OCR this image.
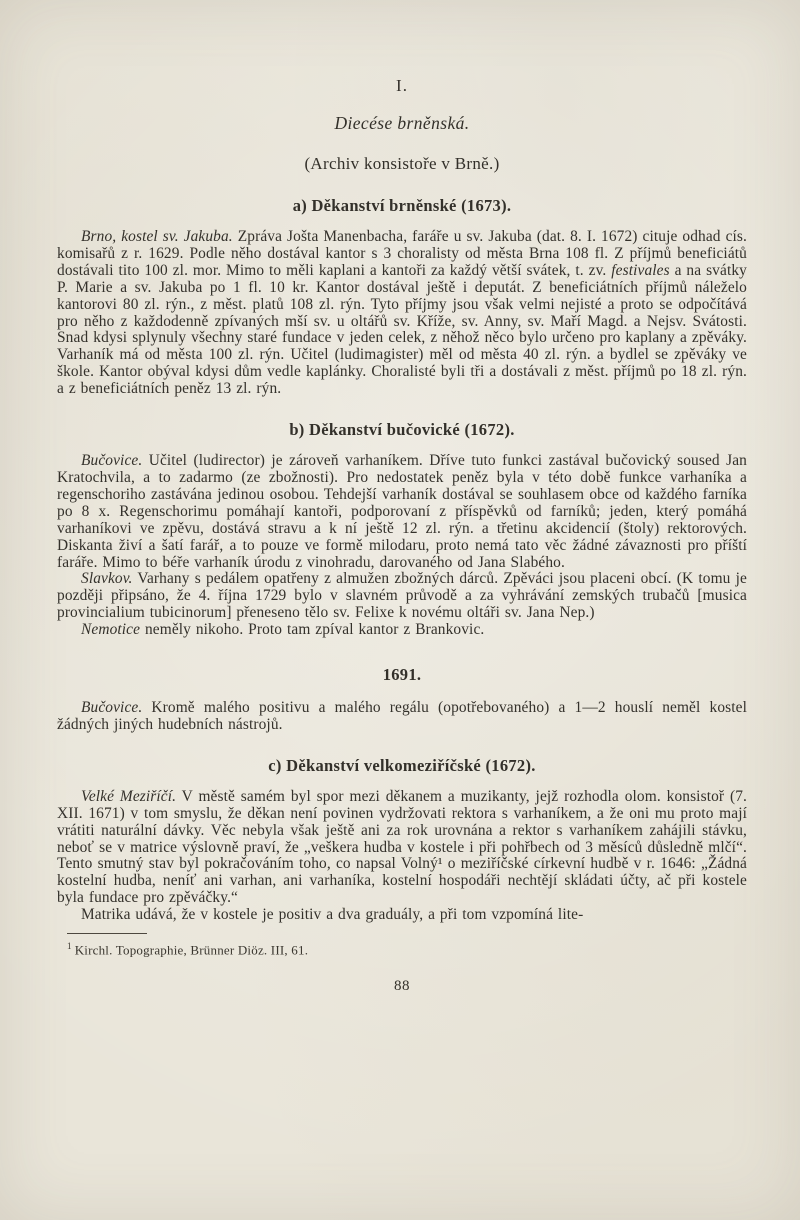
I.
Diecése brněnská.
(Archiv konsistoře v Brně.)
a) Děkanství brněnské (1673).

Brno, kostel sv. Jakuba. Zpráva Jošta Manenbacha, faráře u sv. Jakuba (dat. 8. I. 1672) cituje odhad cís. komisařů z r. 1629. Podle něho dostával kantor s 3 choralisty od města Brna 108 fl. Z příjmů beneficiátů dostávali tito 100 zl. mor. Mimo to měli kaplani a kantoři za každý větší svátek, t. zv. festivales a na svátky P. Marie a sv. Jakuba po 1 fl. 10 kr. Kantor dostával ještě i deputát. Z beneficiátních příjmů náleželo kantorovi 80 zl. rýn., z měst. platů 108 zl. rýn. Tyto příjmy jsou však velmi nejisté a proto se odpočítává pro něho z každodenně zpívaných mší sv. u oltářů sv. Kříže, sv. Anny, sv. Maří Magd. a Nejsv. Svátosti. Snad kdysi splynuly všechny staré fundace v jeden celek, z něhož něco bylo určeno pro kaplany a zpěváky. Varhaník má od města 100 zl. rýn. Učitel (ludimagister) měl od města 40 zl. rýn. a bydlel se zpěváky ve škole. Kantor obýval kdysi dům vedle kaplánky. Choralisté byli tři a dostávali z měst. příjmů po 18 zl. rýn. a z beneficiátních peněz 13 zl. rýn.

b) Děkanství bučovické (1672).

Bučovice. Učitel (ludirector) je zároveň varhaníkem. Dříve tuto funkci zastával bučovický soused Jan Kratochvila, a to zadarmo (ze zbožnosti). Pro nedostatek peněz byla v této době funkce varhaníka a regenschoriho zastávána jedinou osobou. Tehdejší varhaník dostával se souhlasem obce od každého farníka po 8 x. Regenschorimu pomáhají kantoři, podporovaní z příspěvků od farníků; jeden, který pomáhá varhaníkovi ve zpěvu, dostává stravu a k ní ještě 12 zl. rýn. a třetinu akcidencií (štoly) rektorových. Diskanta živí a šatí farář, a to pouze ve formě milodaru, proto nemá tato věc žádné závaznosti pro příští faráře. Mimo to béře varhaník úrodu z vinohradu, darovaného od Jana Slabého.

Slavkov. Varhany s pedálem opatřeny z almužen zbožných dárců. Zpěváci jsou placeni obcí. (K tomu je později připsáno, že 4. října 1729 bylo v slavném průvodě a za vyhrávání zemských trubačů [musica provincialium tubicinorum] přeneseno tělo sv. Felixe k novému oltáři sv. Jana Nep.)

Nemotice neměly nikoho. Proto tam zpíval kantor z Brankovic.

1691.

Bučovice. Kromě malého positivu a malého regálu (opotřebovaného) a 1—2 houslí neměl kostel žádných jiných hudebních nástrojů.

c) Děkanství velkomeziříčské (1672).

Velké Meziříčí. V městě samém byl spor mezi děkanem a muzikanty, jejž rozhodla olom. konsistoř (7. XII. 1671) v tom smyslu, že děkan není povinen vydržovati rektora s varhaníkem, a že oni mu proto mají vrátiti naturální dávky. Věc nebyla však ještě ani za rok urovnána a rektor s varhaníkem zahájili stávku, neboť se v matrice výslovně praví, že „veškera hudba v kostele i při pohřbech od 3 měsíců důsledně mlčí“. Tento smutný stav byl pokračováním toho, co napsal Volný¹ o meziříčské církevní hudbě v r. 1646: „Žádná kostelní hudba, neníť ani varhan, ani varhaníka, kostelní hospodáři nechtějí skládati účty, ač při kostele byla fundace pro zpěváčky.“

Matrika udává, že v kostele je positiv a dva graduály, a při tom vzpomíná lite-

$^1$ Kirchl. Topographie, Brünner Diöz. III, 61.
88
